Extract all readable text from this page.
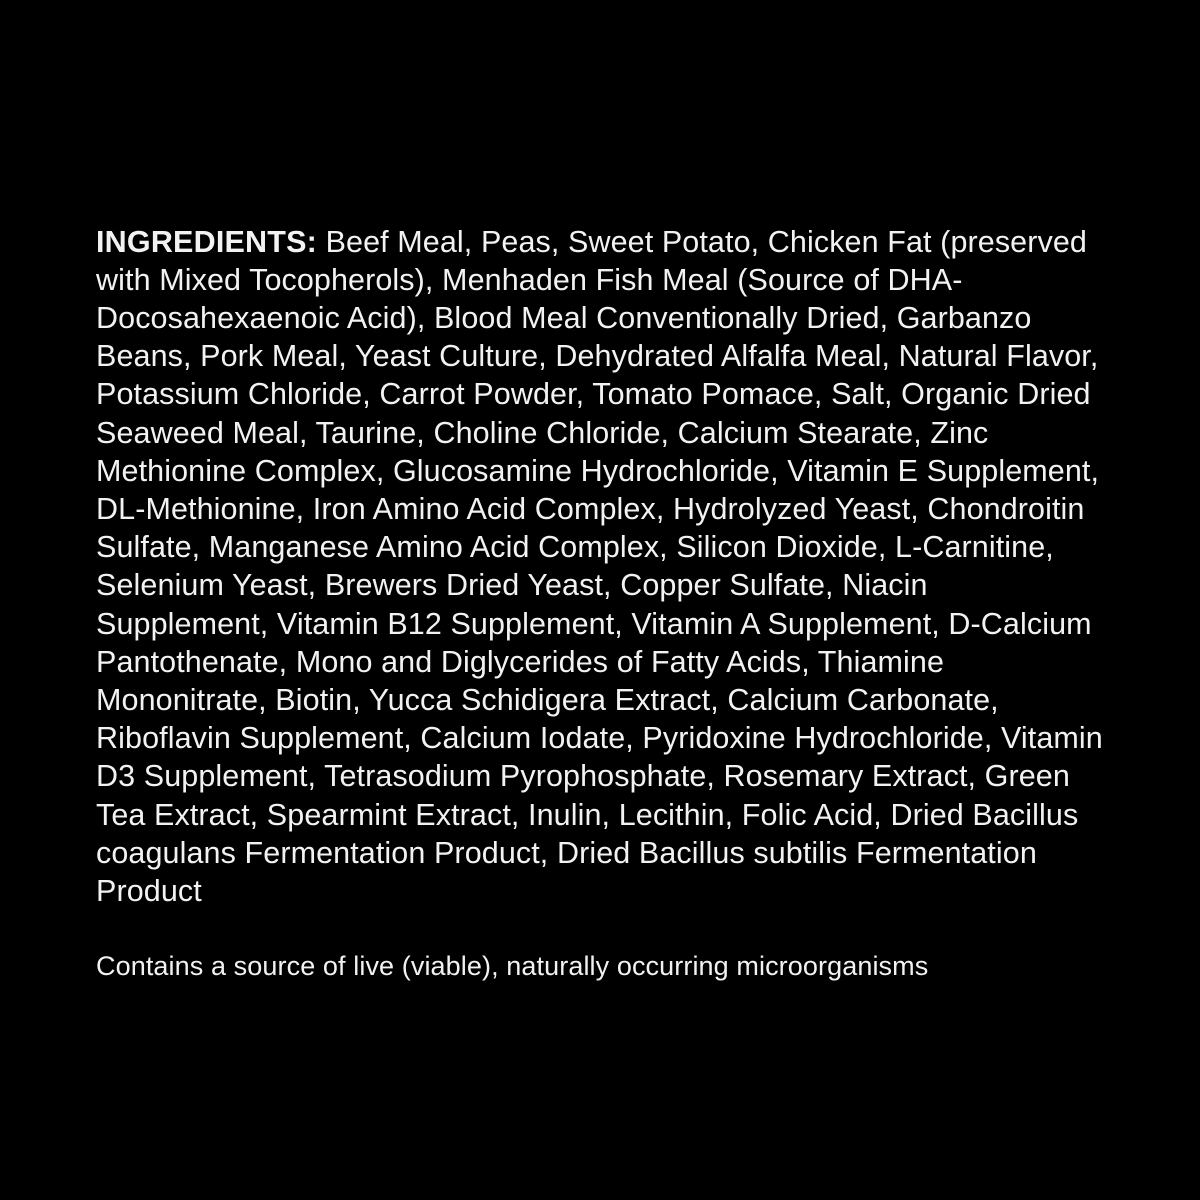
INGREDIENTS: Beef Meal, Peas, Sweet Potato, Chicken Fat (preserved with Mixed Tocopherols), Menhaden Fish Meal (Source of DHA-Docosahexaenoic Acid), Blood Meal Conventionally Dried, Garbanzo Beans, Pork Meal, Yeast Culture, Dehydrated Alfalfa Meal, Natural Flavor, Potassium Chloride, Carrot Powder, Tomato Pomace, Salt, Organic Dried Seaweed Meal, Taurine, Choline Chloride, Calcium Stearate, Zinc Methionine Complex, Glucosamine Hydrochloride, Vitamin E Supplement, DL-Methionine, Iron Amino Acid Complex, Hydrolyzed Yeast, Chondroitin Sulfate, Manganese Amino Acid Complex, Silicon Dioxide, L-Carnitine, Selenium Yeast, Brewers Dried Yeast, Copper Sulfate, Niacin Supplement, Vitamin B12 Supplement, Vitamin A Supplement, D-Calcium Pantothenate, Mono and Diglycerides of Fatty Acids, Thiamine Mononitrate, Biotin, Yucca Schidigera Extract, Calcium Carbonate, Riboflavin Supplement, Calcium Iodate, Pyridoxine Hydrochloride, Vitamin D3 Supplement, Tetrasodium Pyrophosphate, Rosemary Extract, Green Tea Extract, Spearmint Extract, Inulin, Lecithin, Folic Acid, Dried Bacillus coagulans Fermentation Product, Dried Bacillus subtilis Fermentation Product

Contains a source of live (viable), naturally occurring microorganisms
